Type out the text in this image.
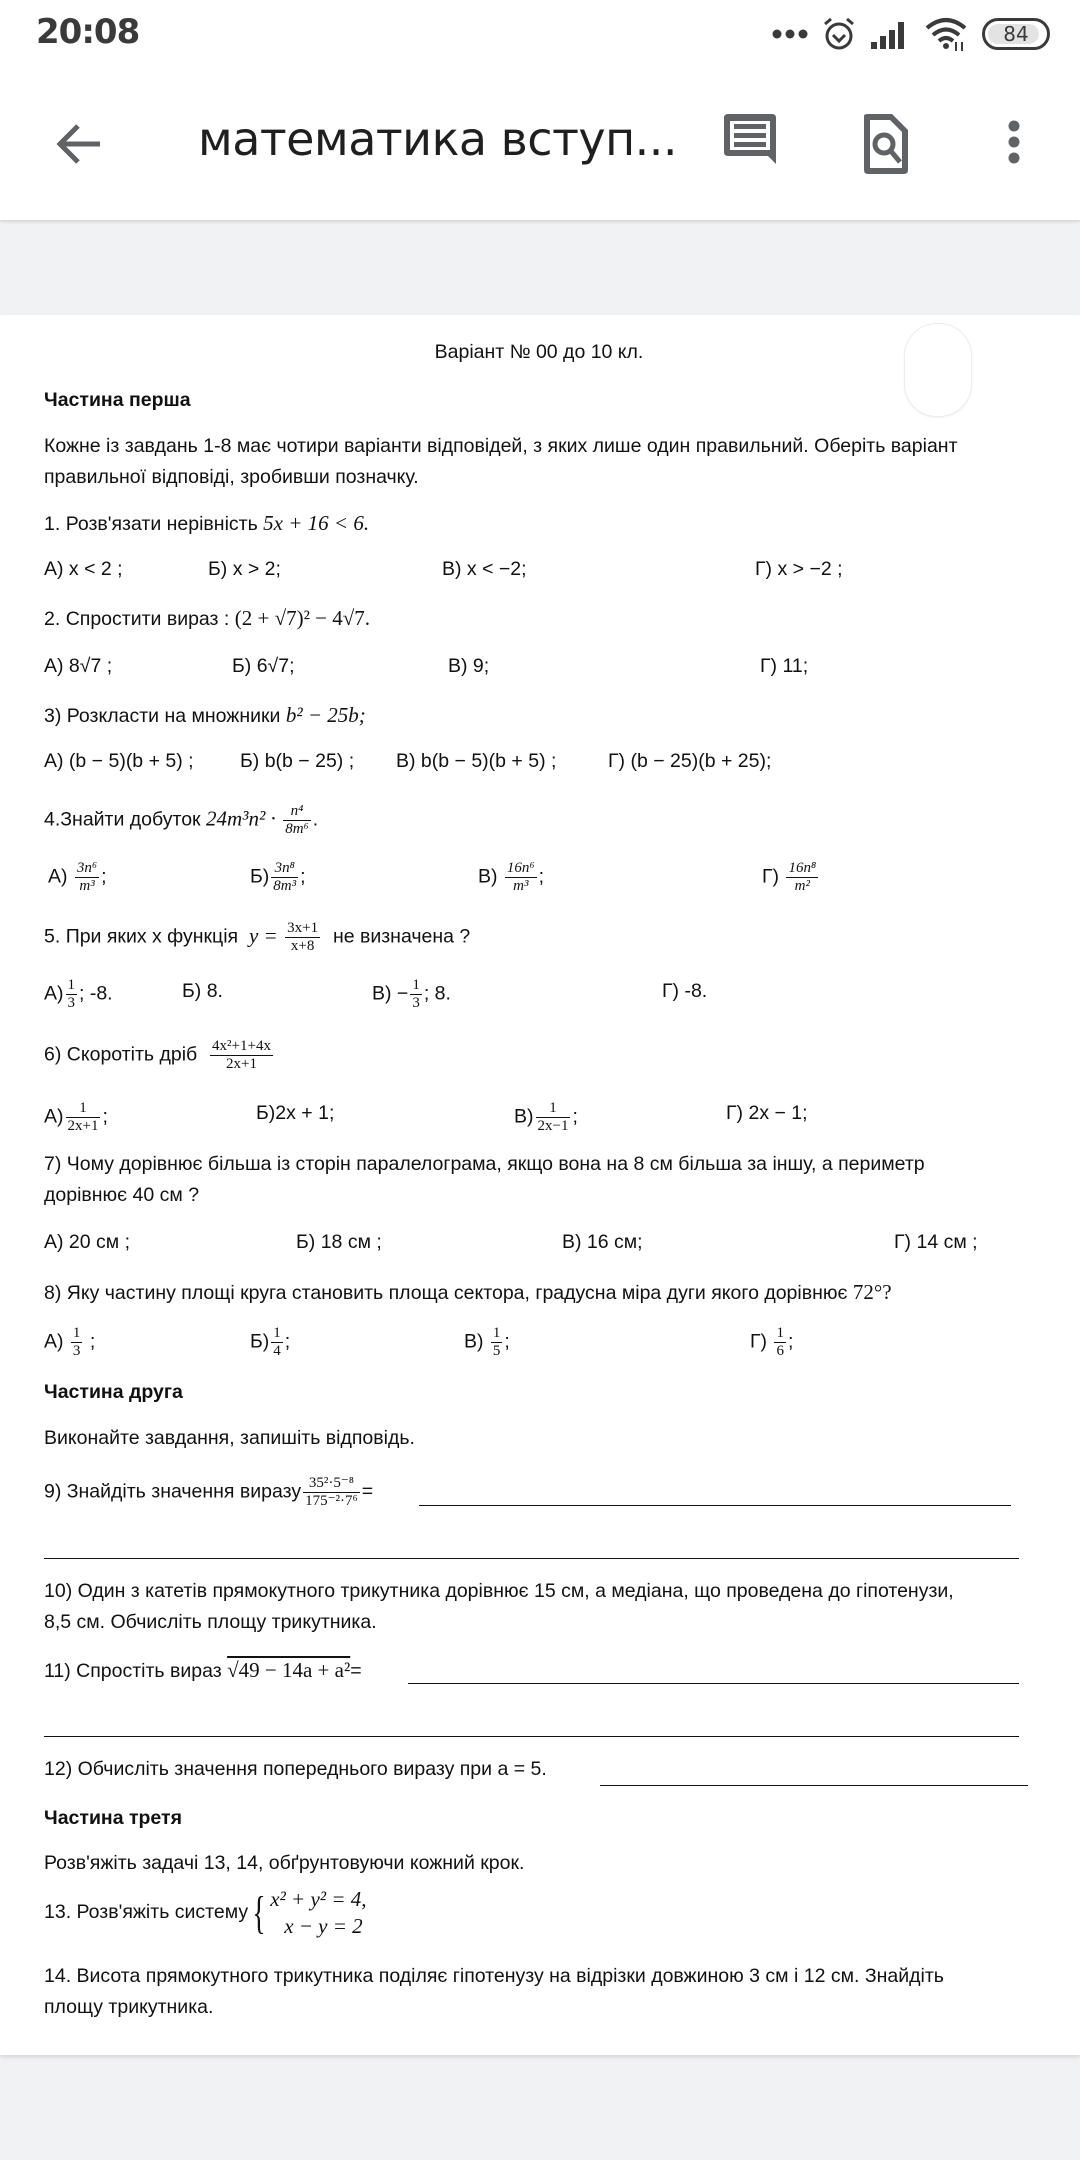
20:08	84
математика вступ...
Варіант № 00 до 10 кл.
Частина перша
Кожне із завдань 1-8 має чотири варіанти відповідей, з яких лише один правильний. Оберіть варіант
правильної відповіді, зробивши позначку.
1. Розв'язати нерівність 5x + 16 < 6.
А) x < 2 ;	Б) x > 2;	В) x < −2;	Г) x > −2 ;
2. Спростити вираз : (2 + √7)² − 4√7.
А) 8√7 ;	Б) 6√7;	В) 9;	Г) 11;
3) Розкласти на множники b² − 25b;
А) (b − 5)(b + 5) ; Б) b(b − 25) ; В) b(b − 5)(b + 5) ;	Г) (b − 25)(b + 25);
4.Знайти добуток $24m^3n^2 \cdot \frac{\text{n⁴}}{\text{8m⁶}}$ .
$А) \frac{\text{3n⁶}}{\text{m³}}$ ;	$Б) \frac{\text{3n⁸}}{\text{8m³}}$ ;	$В) \frac{\text{16n⁶}}{\text{m³}}$ ;	$Г) \frac{\text{16n⁸}}{\text{m²}}$
5. При яких х функція $y = \frac{3x+1}{x+8}$ не визначена ?
$А) \frac{1}{3}$ ; -8.	Б) 8.	$В) - \frac{1}{3}$ ; 8.	Г) -8.
6) Скоротіть дріб $\frac{\text{4x²+1+4x}}{2x+1}$
$А) \frac{1}{2x+1}$ ;	Б)2x + 1;	$В) \frac{1}{2x-1}$ ;	Г) 2x − 1;
7) Чому дорівнює більша із сторін паралелограма, якщо вона на 8 см більша за іншу, а периметр
дорівнює 40 см ?
А) 20 см ;	Б) 18 см ;	В) 16 см;	Г) 14 см ;
8) Яку частину площі круга становить площа сектора, градусна міра дуги якого дорівнює 72°?
$А) \frac{1}{3}$ ;	$Б) \frac{1}{4}$ ;	$В) \frac{1}{5}$ ;	$Г) \frac{1}{6}$ ;
Частина друга
Виконайте завдання, запишіть відповідь.
9) Знайдіть значення виразу $\frac{\text{35²·5⁻⁸}}{\text{175⁻²·7⁶}}$ =
10) Один з катетів прямокутного трикутника дорівнює 15 см, а медіана, що проведена до гіпотенузи,
8,5 см. Обчисліть площу трикутника.
11) Спростіть вираз √49 − 14a + a²=
12) Обчисліть значення попереднього виразу при a = 5.
Частина третя
Розв'яжіть задачі 13, 14, обґрунтовуючи кожний крок.
13. Розв'яжіть систему{ x² + y² = 4,
x − y = 2
14. Висота прямокутного трикутника поділяє гіпотенузу на відрізки довжиною 3 см і 12 см. Знайдіть
площу трикутника.
